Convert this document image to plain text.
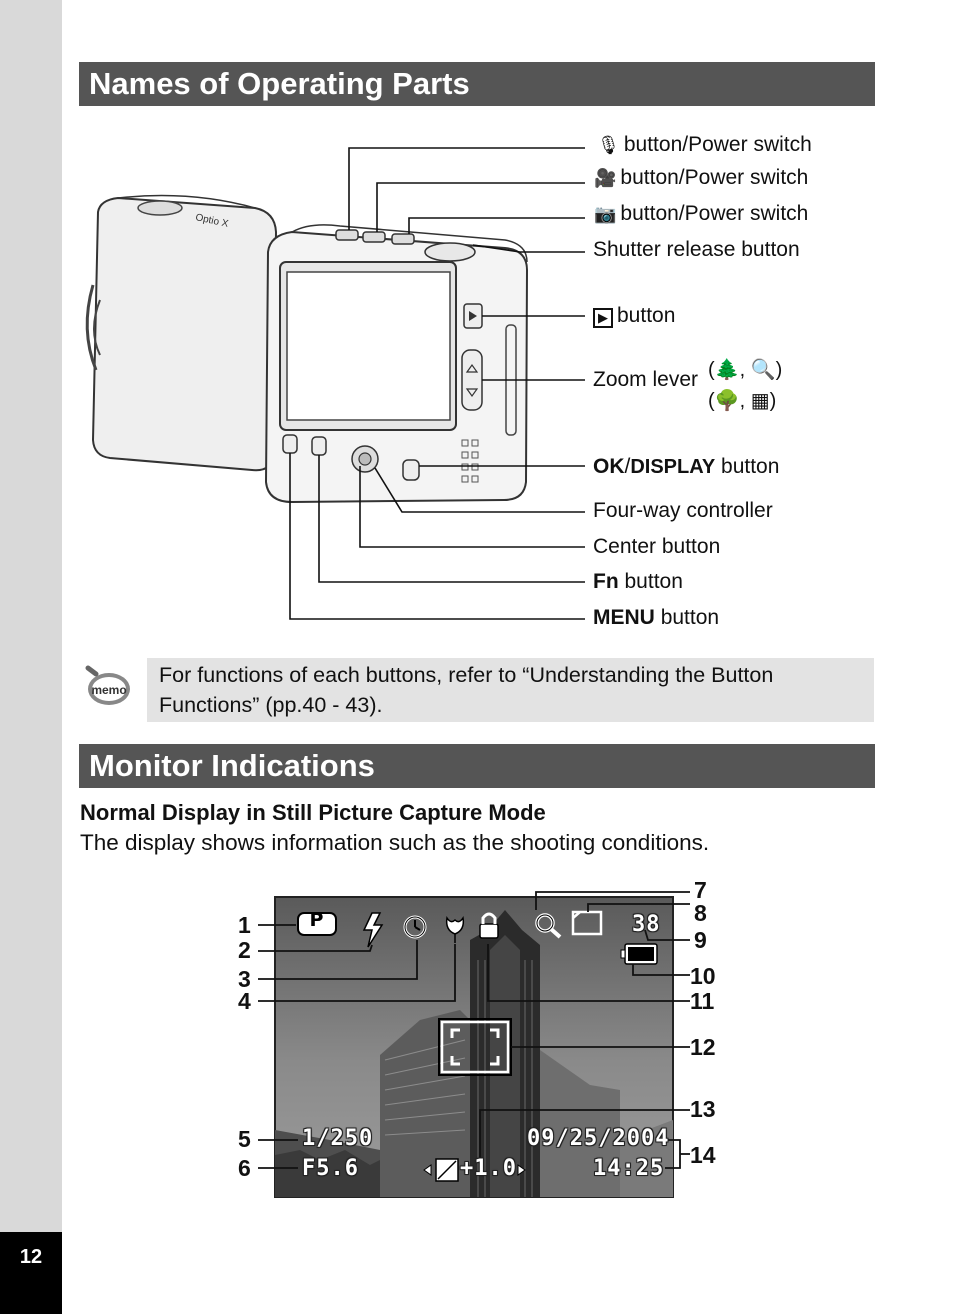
12
Names of Operating Parts
Optio X
🎙 button/Power switch
🎥 button/Power switch
📷 button/Power switch
Shutter release button
▶ button
Zoom lever (🌲, 🔍)
(🌳, ▦)
OK/DISPLAY button
Four-way controller
Center button
Fn button
MENU button
memo
For functions of each buttons, refer to “Understanding the Button Functions” (pp.40 - 43).
Monitor Indications
Normal Display in Still Picture Capture Mode
The display shows information such as the shooting conditions.
P	38
1/250
F5.6	+1.0
09/25/2004
14:25
1
2
3
4
5
6
7
8
9
10
11
12
13
14
